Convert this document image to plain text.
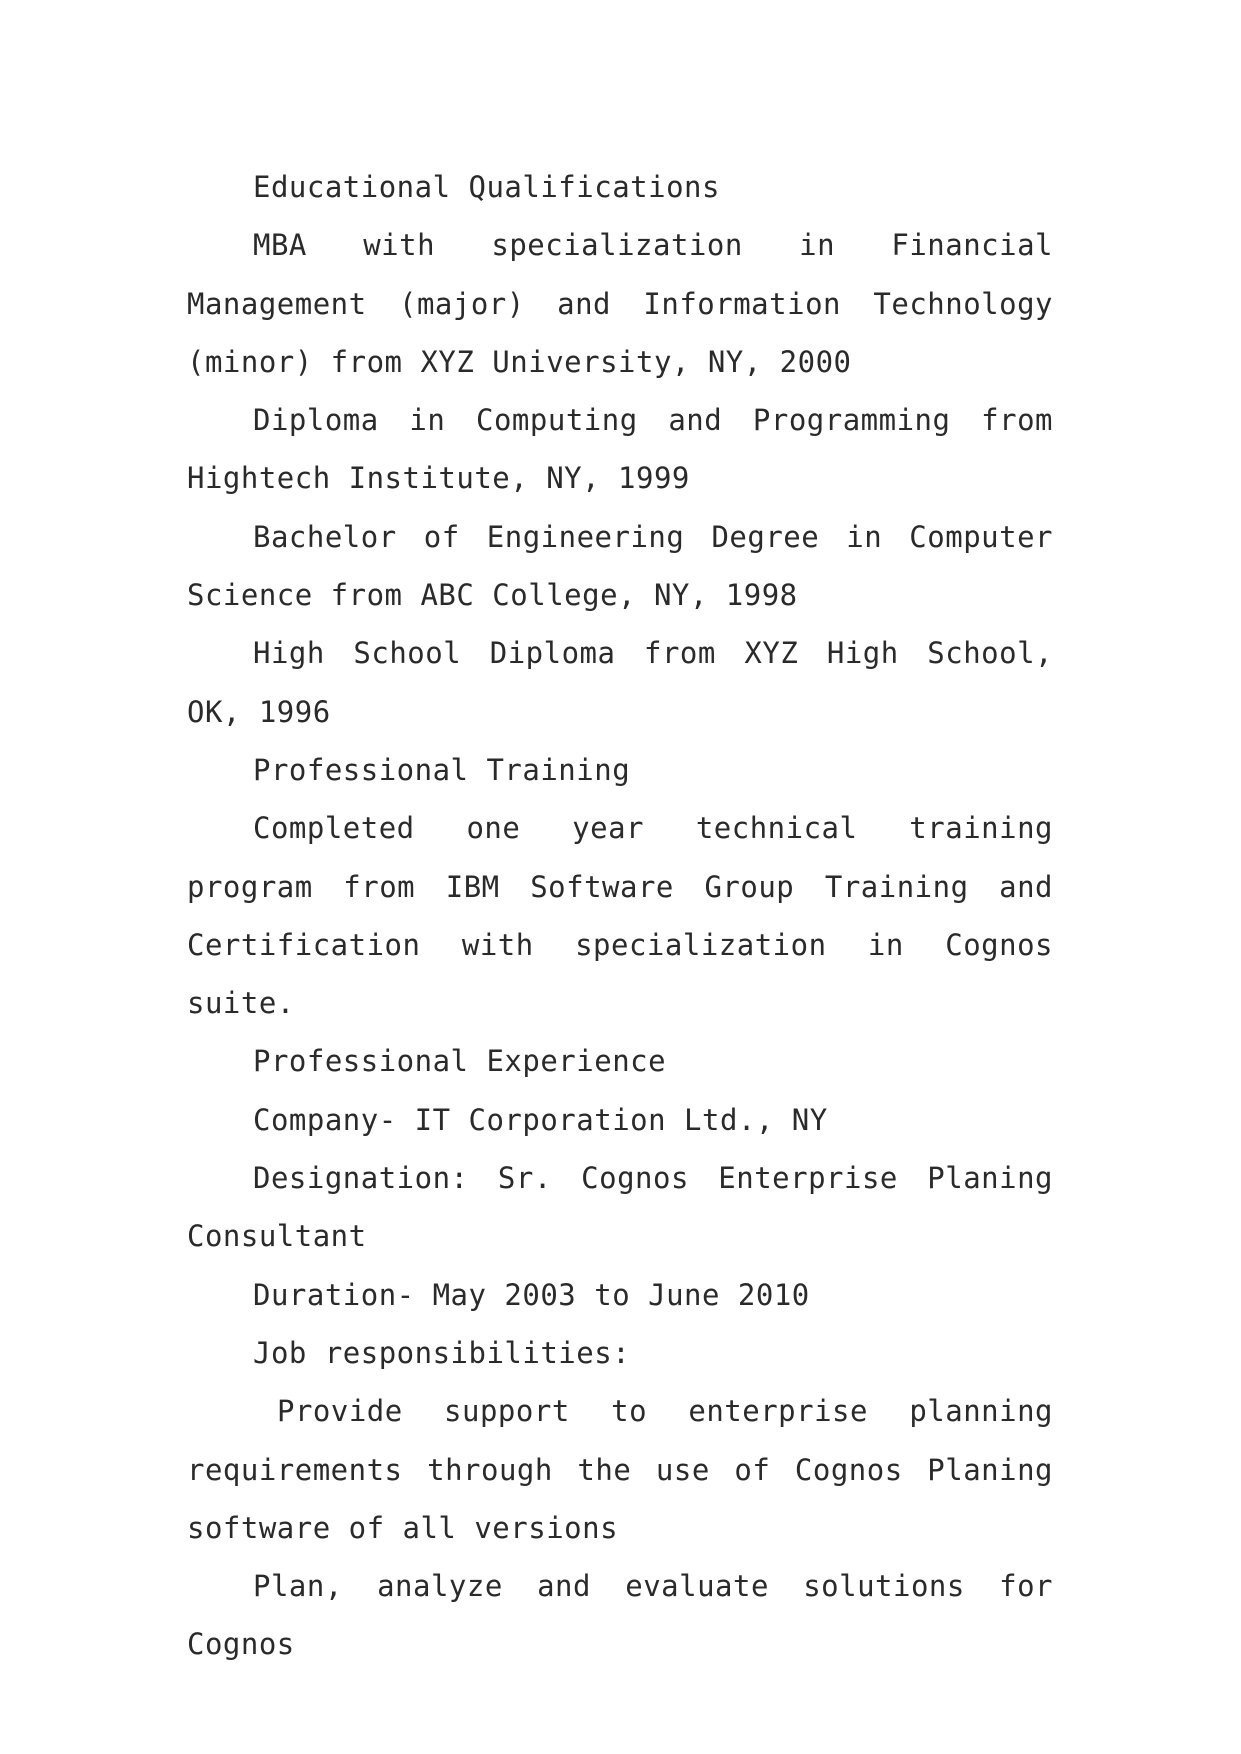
Educational Qualifications

MBA with specialization in Financial Management (major) and Information Technology (minor) from XYZ University, NY, 2000

Diploma in Computing and Programming from Hightech Institute, NY, 1999

Bachelor of Engineering Degree in Computer Science from ABC College, NY, 1998

High School Diploma from XYZ High School, OK, 1996

Professional Training

Completed one year technical training program from IBM Software Group Training and Certification with specialization in Cognos suite.

Professional Experience

Company- IT Corporation Ltd., NY

Designation: Sr. Cognos Enterprise Planing Consultant

Duration- May 2003 to June 2010

Job responsibilities:

Provide support to enterprise planning requirements through the use of Cognos Planing software of all versions

Plan, analyze and evaluate solutions for Cognos
